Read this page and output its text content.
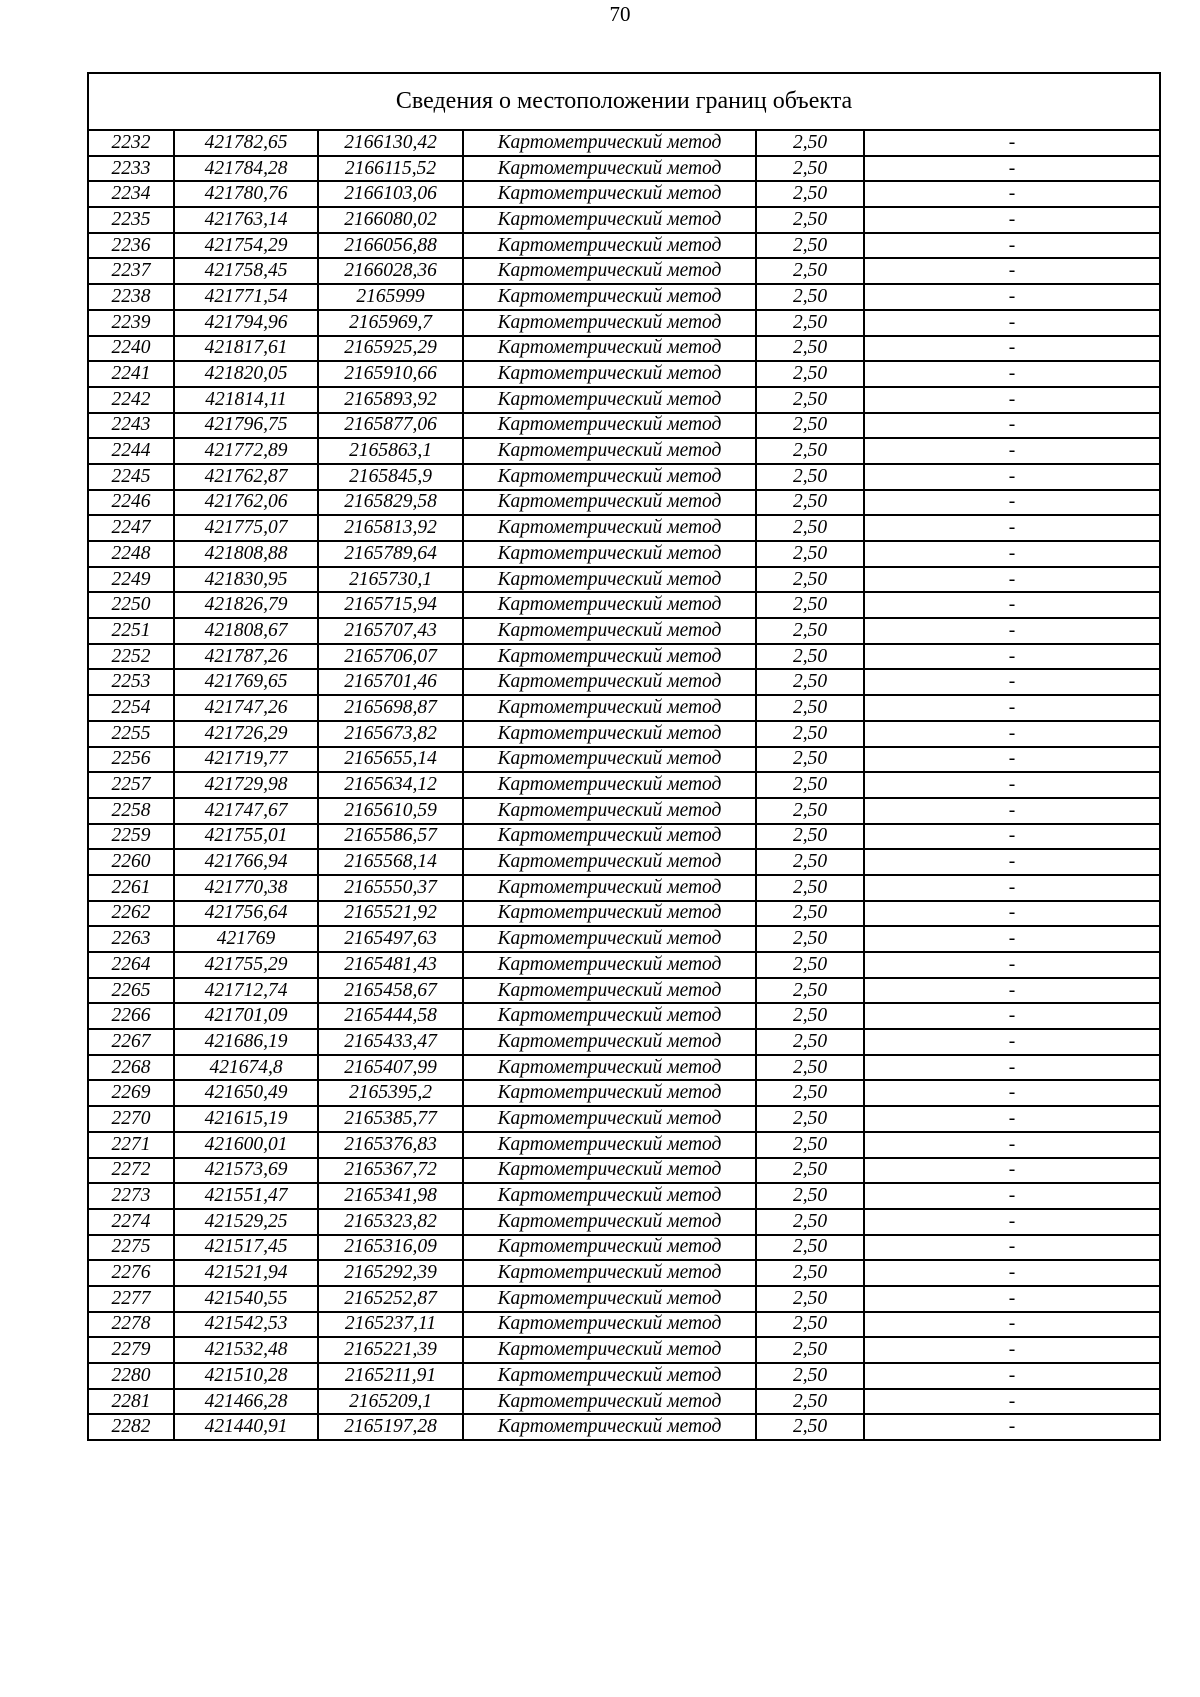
70
Сведения о местоположении границ объекта					
2232	421782,65	2166130,42	Картометрический метод	2,50	-
2233	421784,28	2166115,52	Картометрический метод	2,50	-
2234	421780,76	2166103,06	Картометрический метод	2,50	-
2235	421763,14	2166080,02	Картометрический метод	2,50	-
2236	421754,29	2166056,88	Картометрический метод	2,50	-
2237	421758,45	2166028,36	Картометрический метод	2,50	-
2238	421771,54	2165999	Картометрический метод	2,50	-
2239	421794,96	2165969,7	Картометрический метод	2,50	-
2240	421817,61	2165925,29	Картометрический метод	2,50	-
2241	421820,05	2165910,66	Картометрический метод	2,50	-
2242	421814,11	2165893,92	Картометрический метод	2,50	-
2243	421796,75	2165877,06	Картометрический метод	2,50	-
2244	421772,89	2165863,1	Картометрический метод	2,50	-
2245	421762,87	2165845,9	Картометрический метод	2,50	-
2246	421762,06	2165829,58	Картометрический метод	2,50	-
2247	421775,07	2165813,92	Картометрический метод	2,50	-
2248	421808,88	2165789,64	Картометрический метод	2,50	-
2249	421830,95	2165730,1	Картометрический метод	2,50	-
2250	421826,79	2165715,94	Картометрический метод	2,50	-
2251	421808,67	2165707,43	Картометрический метод	2,50	-
2252	421787,26	2165706,07	Картометрический метод	2,50	-
2253	421769,65	2165701,46	Картометрический метод	2,50	-
2254	421747,26	2165698,87	Картометрический метод	2,50	-
2255	421726,29	2165673,82	Картометрический метод	2,50	-
2256	421719,77	2165655,14	Картометрический метод	2,50	-
2257	421729,98	2165634,12	Картометрический метод	2,50	-
2258	421747,67	2165610,59	Картометрический метод	2,50	-
2259	421755,01	2165586,57	Картометрический метод	2,50	-
2260	421766,94	2165568,14	Картометрический метод	2,50	-
2261	421770,38	2165550,37	Картометрический метод	2,50	-
2262	421756,64	2165521,92	Картометрический метод	2,50	-
2263	421769	2165497,63	Картометрический метод	2,50	-
2264	421755,29	2165481,43	Картометрический метод	2,50	-
2265	421712,74	2165458,67	Картометрический метод	2,50	-
2266	421701,09	2165444,58	Картометрический метод	2,50	-
2267	421686,19	2165433,47	Картометрический метод	2,50	-
2268	421674,8	2165407,99	Картометрический метод	2,50	-
2269	421650,49	2165395,2	Картометрический метод	2,50	-
2270	421615,19	2165385,77	Картометрический метод	2,50	-
2271	421600,01	2165376,83	Картометрический метод	2,50	-
2272	421573,69	2165367,72	Картометрический метод	2,50	-
2273	421551,47	2165341,98	Картометрический метод	2,50	-
2274	421529,25	2165323,82	Картометрический метод	2,50	-
2275	421517,45	2165316,09	Картометрический метод	2,50	-
2276	421521,94	2165292,39	Картометрический метод	2,50	-
2277	421540,55	2165252,87	Картометрический метод	2,50	-
2278	421542,53	2165237,11	Картометрический метод	2,50	-
2279	421532,48	2165221,39	Картометрический метод	2,50	-
2280	421510,28	2165211,91	Картометрический метод	2,50	-
2281	421466,28	2165209,1	Картометрический метод	2,50	-
2282	421440,91	2165197,28	Картометрический метод	2,50	-
